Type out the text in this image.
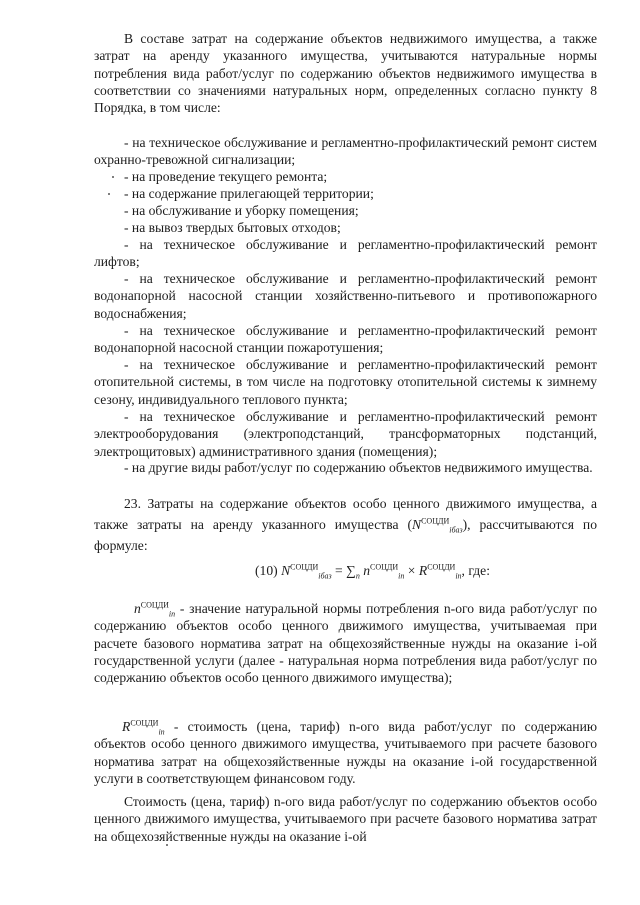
В составе затрат на содержание объектов недвижимого имущества, а также затрат на аренду указанного имущества, учитываются натуральные нормы потребления вида работ/услуг по содержанию объектов недвижимого имущества в соответствии со значениями натуральных норм, определенных согласно пункту 8 Порядка, в том числе:

- на техническое обслуживание и регламентно-профилактический ремонт систем охранно-тревожной сигнализации;

- на проведение текущего ремонта;

- на содержание прилегающей территории;

- на обслуживание и уборку помещения;

- на вывоз твердых бытовых отходов;

- на техническое обслуживание и регламентно-профилактический ремонт лифтов;

- на техническое обслуживание и регламентно-профилактический ремонт водонапорной насосной станции хозяйственно-питьевого и противопожарного водоснабжения;

- на техническое обслуживание и регламентно-профилактический ремонт водонапорной насосной станции пожаротушения;

- на техническое обслуживание и регламентно-профилактический ремонт отопительной системы, в том числе на подготовку отопительной системы к зимнему сезону, индивидуального теплового пункта;

- на техническое обслуживание и регламентно-профилактический ремонт электрооборудования (электроподстанций, трансформаторных подстанций, электрощитовых) административного здания (помещения);

- на другие виды работ/услуг по содержанию объектов недвижимого имущества.

23. Затраты на содержание объектов особо ценного движимого имущества, а также затраты на аренду указанного имущества $(N^{СОЦДИ}_{iбаз})$, рассчитываются по формуле:

(10) $N^{СОЦДИ}_{iбаз} = \sum_n$ $n^{СОЦДИ}_{in} \times R^{СОЦДИ}_{in}$, где:

$n^{СОЦДИ}_{in}$ - значение натуральной нормы потребления n-ого вида работ/услуг по содержанию объектов особо ценного движимого имущества, учитываемая при расчете базового норматива затрат на общехозяйственные нужды на оказание i-ой государственной услуги (далее - натуральная норма потребления вида работ/услуг по содержанию объектов особо ценного движимого имущества);

$R^{СОЦДИ}_{in}$ - стоимость (цена, тариф) n-ого вида работ/услуг по содержанию объектов особо ценного движимого имущества, учитываемого при расчете базового норматива затрат на общехозяйственные нужды на оказание i-ой государственной услуги в соответствующем финансовом году.

Стоимость (цена, тариф) n-ого вида работ/услуг по содержанию объектов особо ценного движимого имущества, учитываемого при расчете базового норматива затрат на общехозяйственные нужды на оказание i-ой
